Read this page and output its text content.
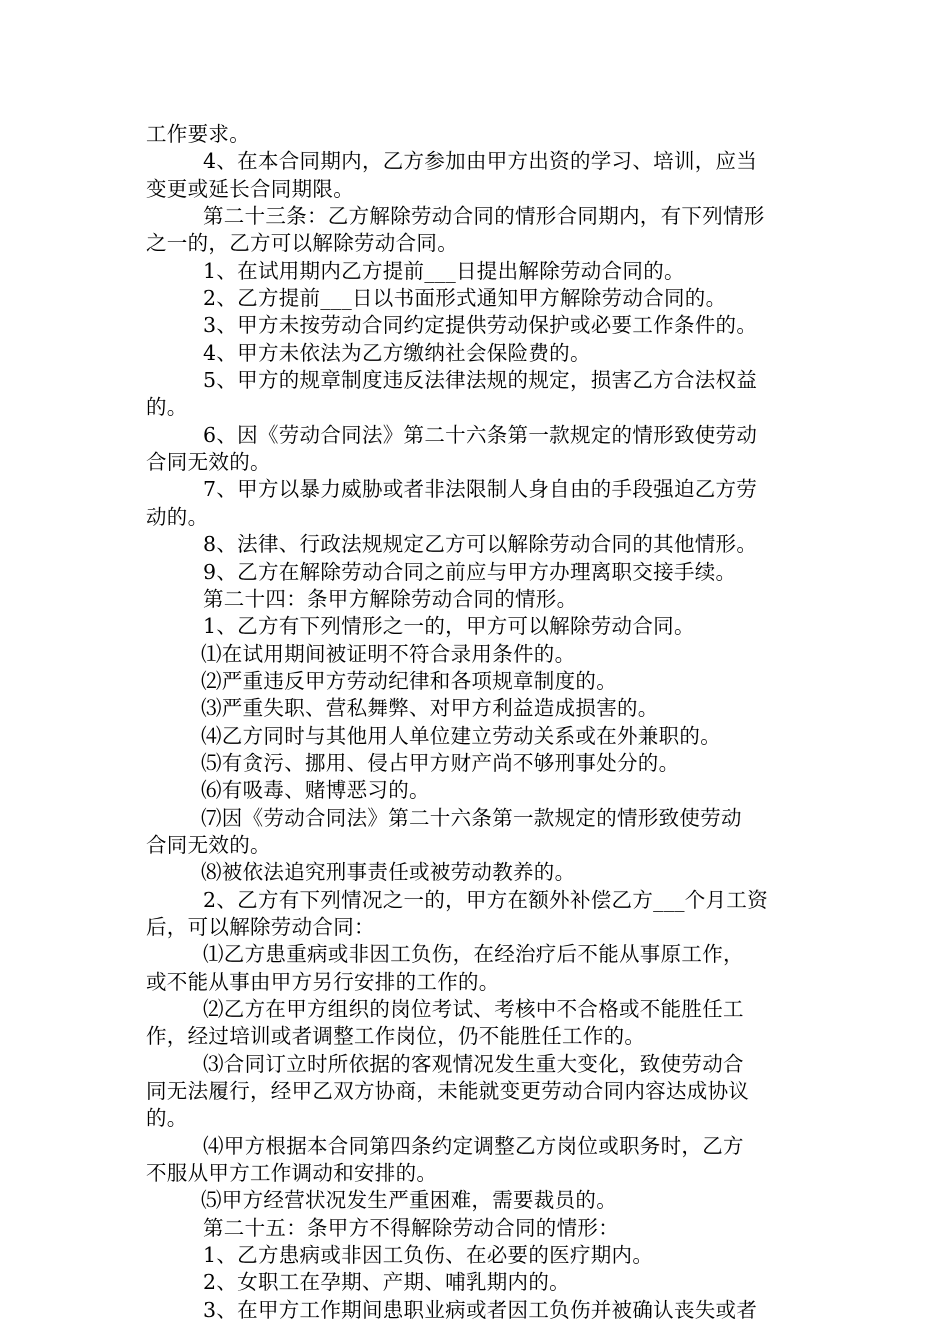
工作要求。
4、在本合同期内，乙方参加由甲方出资的学习、培训，应当
变更或延长合同期限。
第二十三条：乙方解除劳动合同的情形合同期内，有下列情形
之一的，乙方可以解除劳动合同。
1、在试用期内乙方提前___日提出解除劳动合同的。
2、乙方提前___日以书面形式通知甲方解除劳动合同的。
3、甲方未按劳动合同约定提供劳动保护或必要工作条件的。
4、甲方未依法为乙方缴纳社会保险费的。
5、甲方的规章制度违反法律法规的规定，损害乙方合法权益
的。
6、因《劳动合同法》第二十六条第一款规定的情形致使劳动
合同无效的。
7、甲方以暴力威胁或者非法限制人身自由的手段强迫乙方劳
动的。
8、法律、行政法规规定乙方可以解除劳动合同的其他情形。
9、乙方在解除劳动合同之前应与甲方办理离职交接手续。
第二十四：条甲方解除劳动合同的情形。
1、乙方有下列情形之一的，甲方可以解除劳动合同。
⑴在试用期间被证明不符合录用条件的。
⑵严重违反甲方劳动纪律和各项规章制度的。
⑶严重失职、营私舞弊、对甲方利益造成损害的。
⑷乙方同时与其他用人单位建立劳动关系或在外兼职的。
⑸有贪污、挪用、侵占甲方财产尚不够刑事处分的。
⑹有吸毒、赌博恶习的。
⑺因《劳动合同法》第二十六条第一款规定的情形致使劳动
合同无效的。
⑻被依法追究刑事责任或被劳动教养的。
2、乙方有下列情况之一的，甲方在额外补偿乙方___个月工资
后，可以解除劳动合同：
⑴乙方患重病或非因工负伤，在经治疗后不能从事原工作，
或不能从事由甲方另行安排的工作的。
⑵乙方在甲方组织的岗位考试、考核中不合格或不能胜任工
作，经过培训或者调整工作岗位，仍不能胜任工作的。
⑶合同订立时所依据的客观情况发生重大变化，致使劳动合
同无法履行，经甲乙双方协商，未能就变更劳动合同内容达成协议
的。
⑷甲方根据本合同第四条约定调整乙方岗位或职务时，乙方
不服从甲方工作调动和安排的。
⑸甲方经营状况发生严重困难，需要裁员的。
第二十五：条甲方不得解除劳动合同的情形：
1、乙方患病或非因工负伤、在必要的医疗期内。
2、女职工在孕期、产期、哺乳期内的。
3、在甲方工作期间患职业病或者因工负伤并被确认丧失或者
